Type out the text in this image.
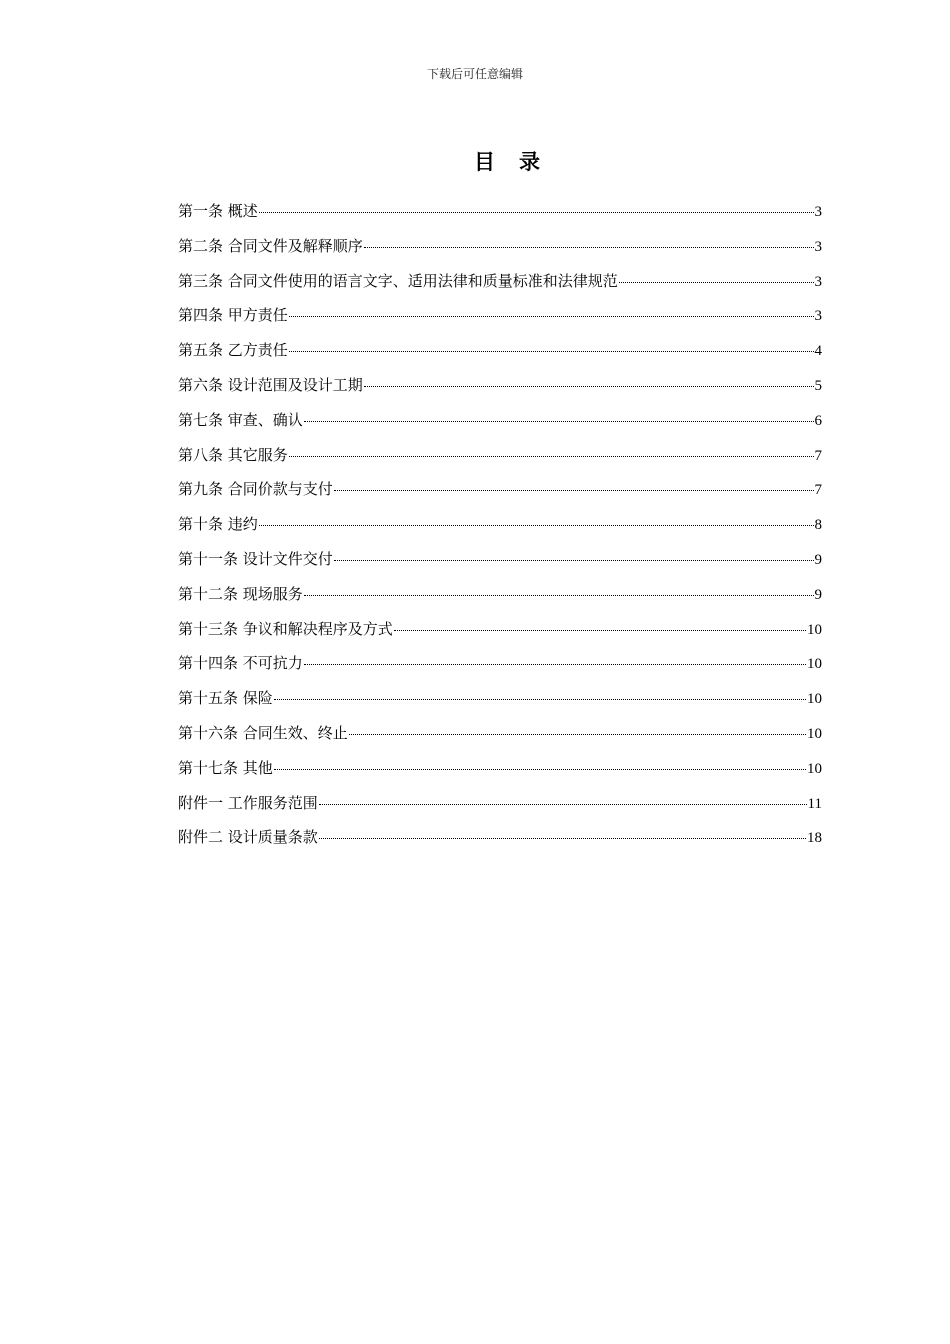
下载后可任意编辑
目 录
第一条 概述	3
第二条 合同文件及解释顺序	3
第三条 合同文件使用的语言文字、适用法律和质量标准和法律规范	3
第四条 甲方责任	3
第五条 乙方责任	4
第六条 设计范围及设计工期	5
第七条 审查、确认	6
第八条 其它服务	7
第九条 合同价款与支付	7
第十条 违约	8
第十一条 设计文件交付	9
第十二条 现场服务	9
第十三条 争议和解决程序及方式	10
第十四条 不可抗力	10
第十五条 保险	10
第十六条 合同生效、终止	10
第十七条 其他	10
附件一 工作服务范围	11
附件二 设计质量条款	18
